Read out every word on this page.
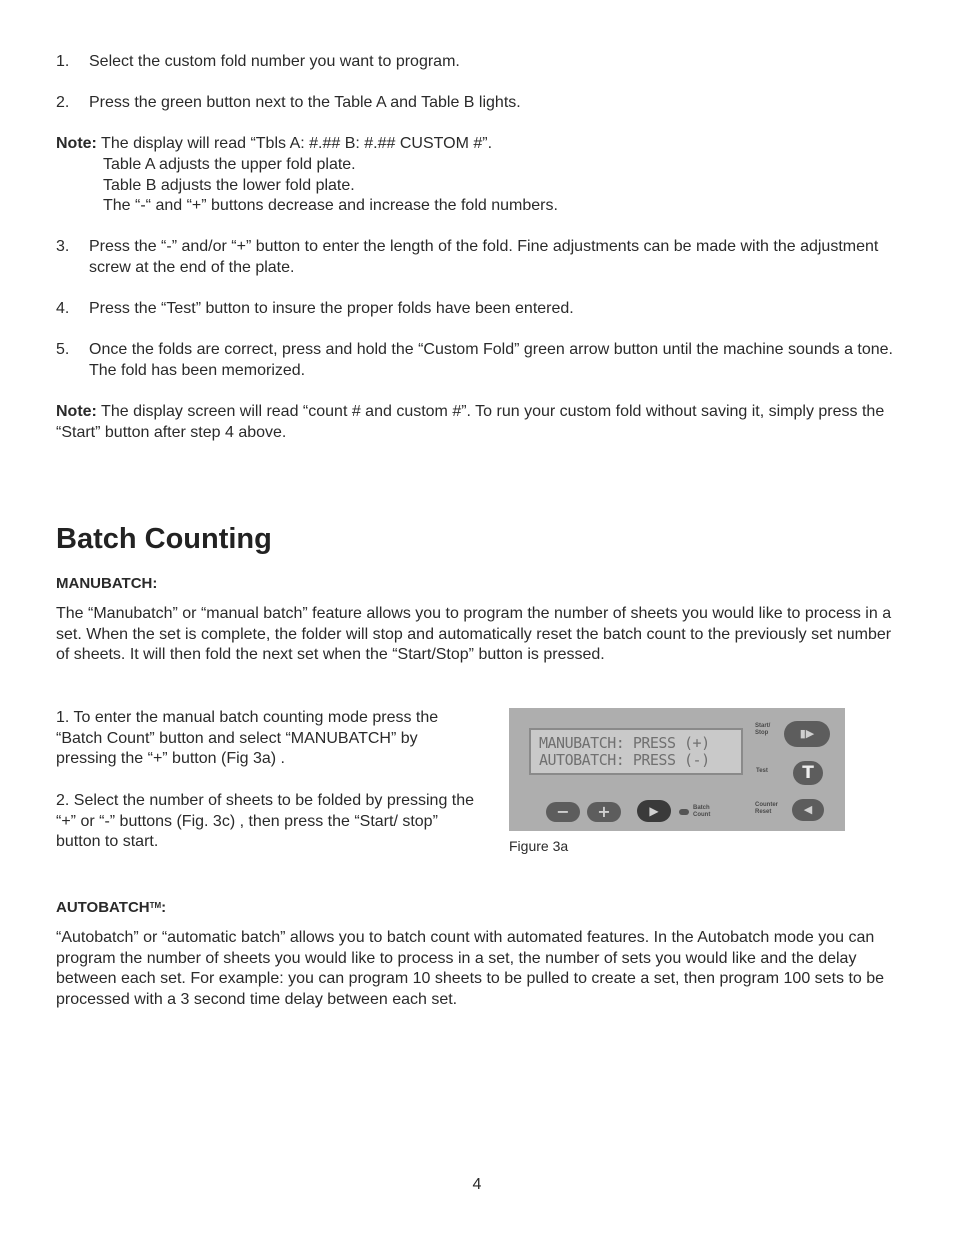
1. Select the custom fold number you want to program.

2. Press the green button next to the Table A and Table B lights.

Note: The display will read “Tbls A: #.## B: #.## CUSTOM #”.

Table A adjusts the upper fold plate.

Table B adjusts the lower fold plate.

The “-“ and “+” buttons decrease and increase the fold numbers.

3. Press the “-” and/or “+” button to enter the length of the fold. Fine adjustments can be made with the adjustment screw at the end of the plate.

4. Press the “Test” button to insure the proper folds have been entered.

5. Once the folds are correct, press and hold the “Custom Fold” green arrow button until the machine sounds a tone. The fold has been memorized.

Note: The display screen will read “count # and custom #”. To run your custom fold without saving it, simply press the “Start” button after step 4 above.

Batch Counting
MANUBATCH:

The “Manubatch” or “manual batch” feature allows you to program the number of sheets you would like to process in a set. When the set is complete, the folder will stop and automatically reset the batch count to the previously set number of sheets. It will then fold the next set when the “Start/Stop” button is pressed.

1. To enter the manual batch counting mode press the “Batch Count” button and select “MANUBATCH” by pressing the “+” button (Fig 3a) .

2. Select the number of sheets to be folded by pressing the “+” or “-” buttons (Fig. 3c) , then press the “Start/ stop” button to start.

MANUBATCH: PRESS (+)
AUTOBATCH: PRESS (-)
Start/ Stop	▮▶
Test	T
Counter Reset	◀
−	+	▶	Batch Count
Figure 3a
AUTOBATCH™:

“Autobatch” or “automatic batch” allows you to batch count with automated features. In the Autobatch mode you can program the number of sheets you would like to process in a set, the number of sets you would like and the delay between each set. For example: you can program 10 sheets to be pulled to create a set, then program 100 sets to be processed with a 3 second time delay between each set.

4
